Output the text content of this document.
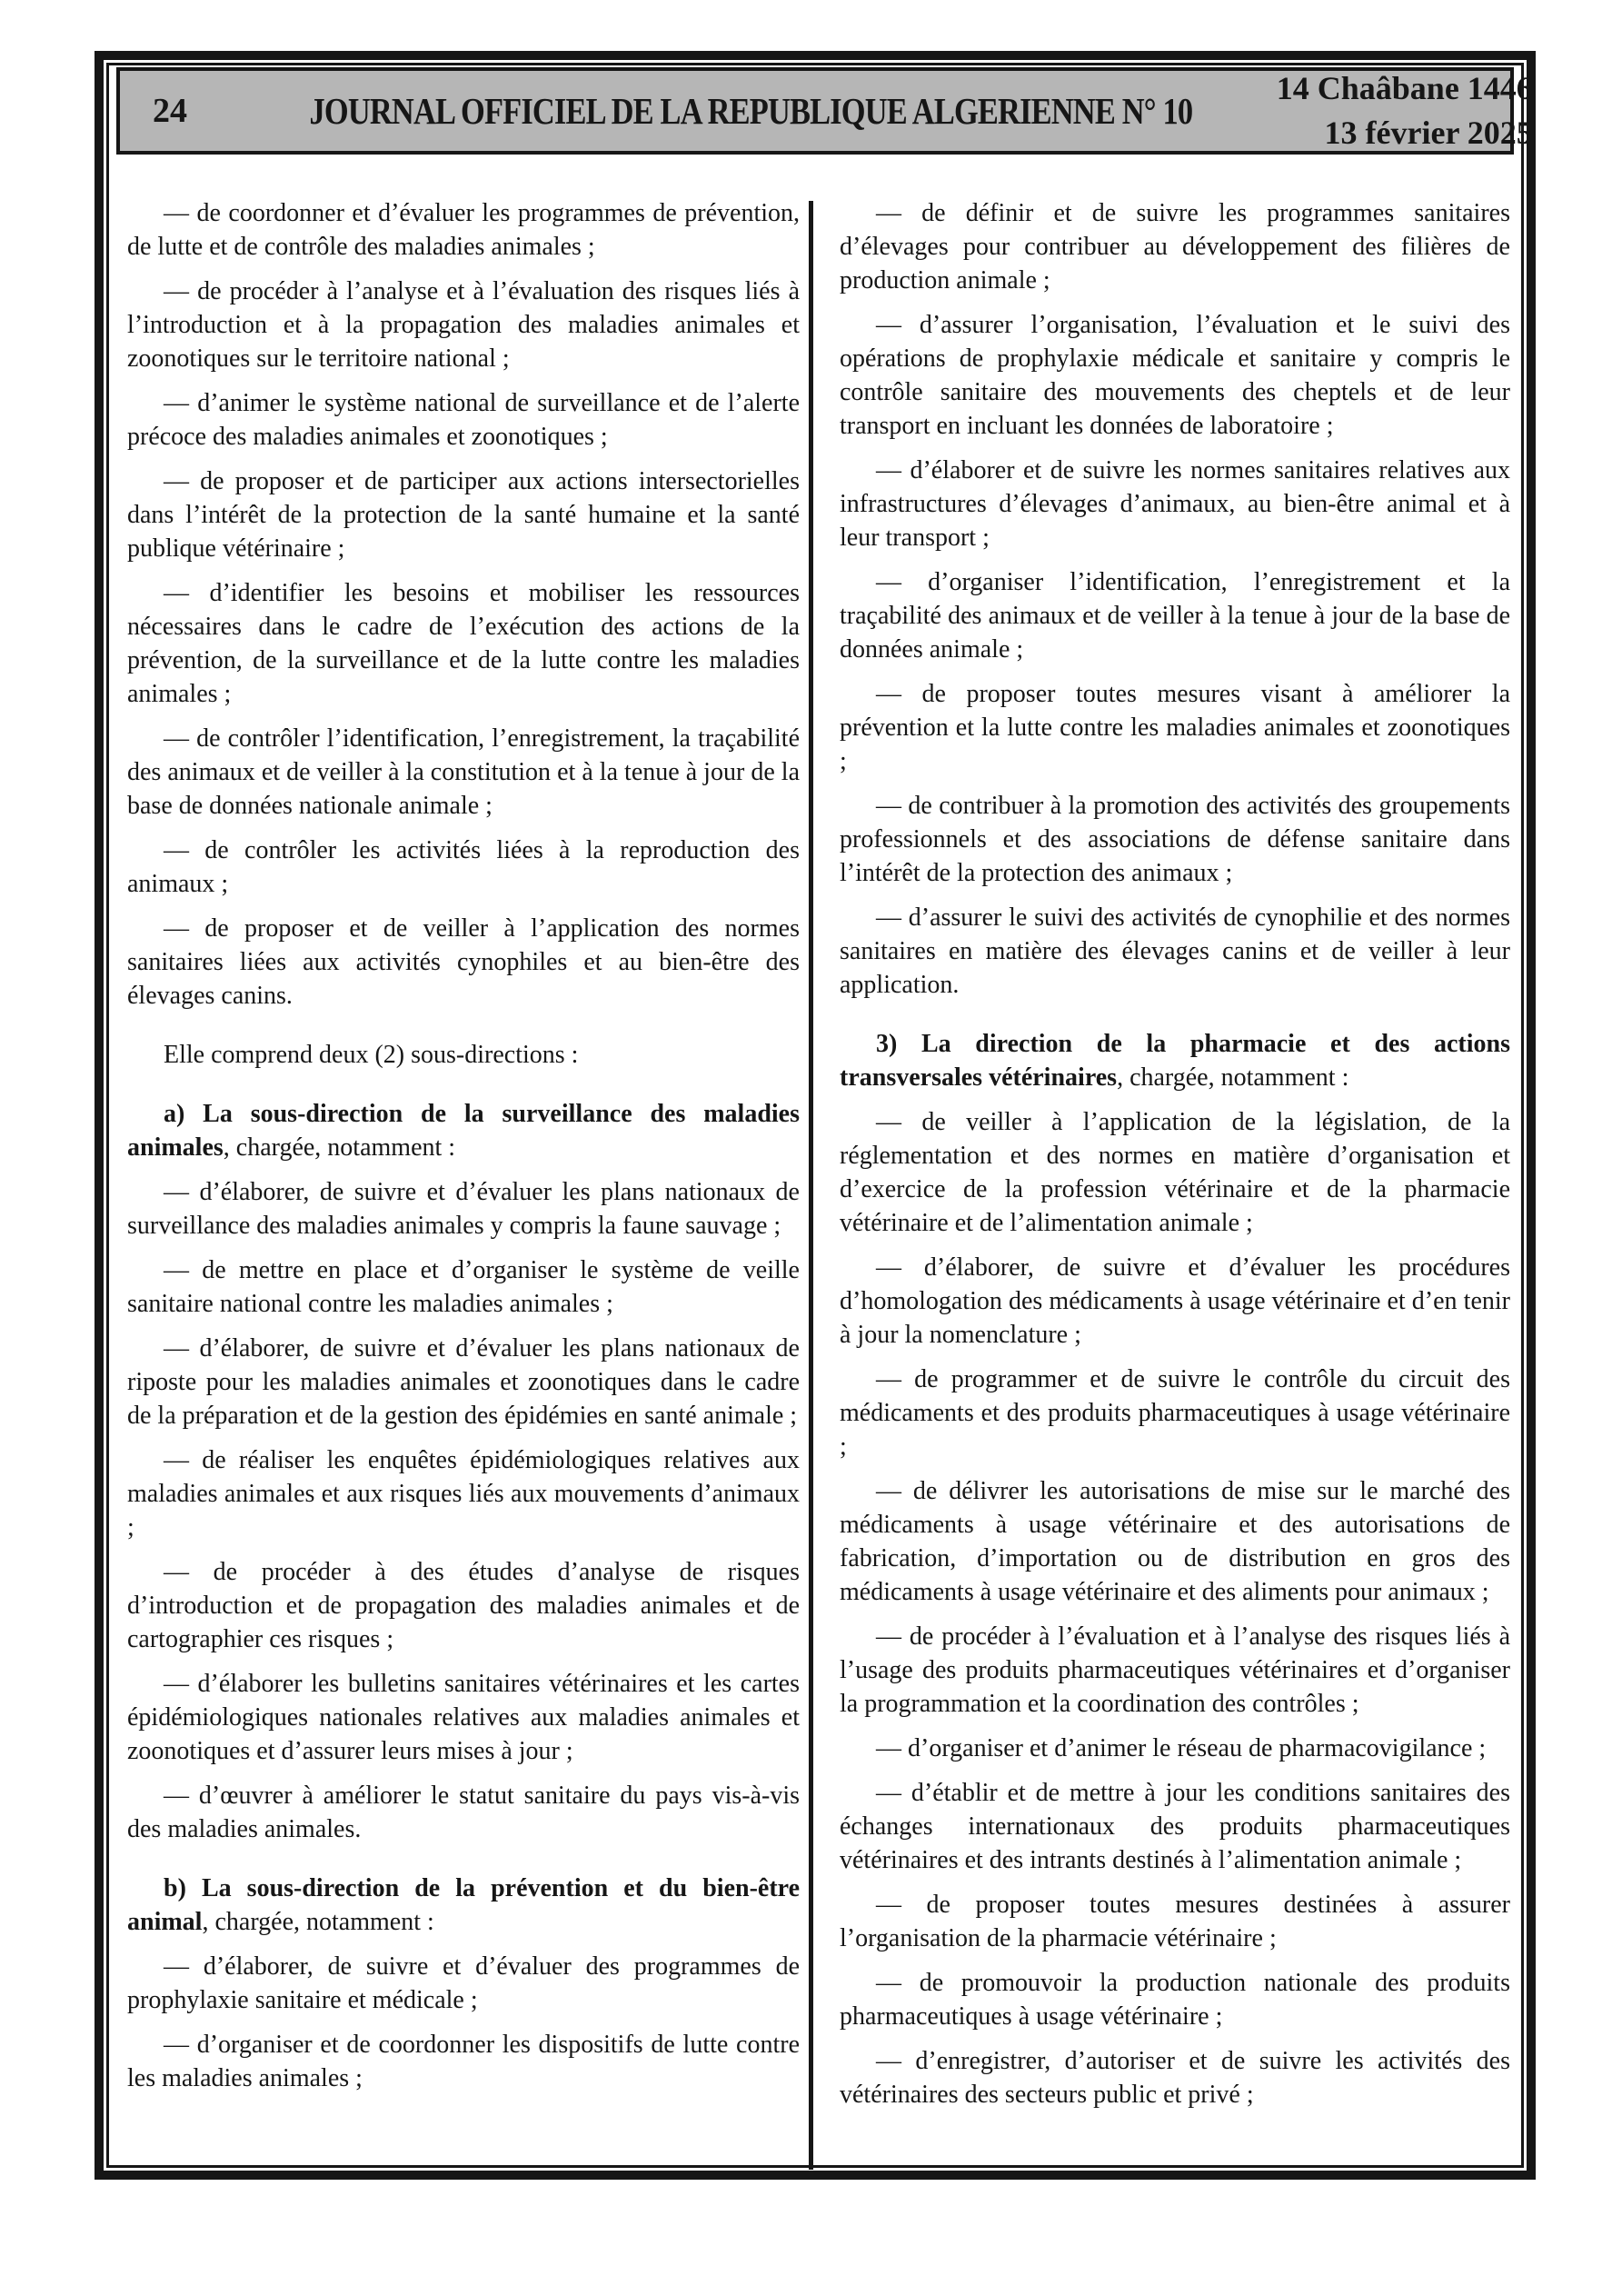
24	JOURNAL OFFICIEL DE LA REPUBLIQUE ALGERIENNE N° 10
14 Chaâbane 1446
13 février 2025

— de coordonner et d’évaluer les programmes de prévention, de lutte et de contrôle des maladies animales ;

— de procéder à l’analyse et à l’évaluation des risques liés à l’introduction et à la propagation des maladies animales et zoonotiques sur le territoire national ;

— d’animer le système national de surveillance et de l’alerte précoce des maladies animales et zoonotiques ;

— de proposer et de participer aux actions intersectorielles dans l’intérêt de la protection de la santé humaine et la santé publique vétérinaire ;

— d’identifier les besoins et mobiliser les ressources nécessaires dans le cadre de l’exécution des actions de la prévention, de la surveillance et de la lutte contre les maladies animales ;

— de contrôler l’identification, l’enregistrement, la traçabilité des animaux et de veiller à la constitution et à la tenue à jour de la base de données nationale animale ;

— de contrôler les activités liées à la reproduction des animaux ;

— de proposer et de veiller à l’application des normes sanitaires liées aux activités cynophiles et au bien-être des élevages canins.

Elle comprend deux (2) sous-directions :

a) La sous-direction de la surveillance des maladies animales, chargée, notamment :

— d’élaborer, de suivre et d’évaluer les plans nationaux de surveillance des maladies animales y compris la faune sauvage ;

— de mettre en place et d’organiser le système de veille sanitaire national contre les maladies animales ;

— d’élaborer, de suivre et d’évaluer les plans nationaux de riposte pour les maladies animales et zoonotiques dans le cadre de la préparation et de la gestion des épidémies en santé animale ;

— de réaliser les enquêtes épidémiologiques relatives aux maladies animales et aux risques liés aux mouvements d’animaux ;

— de procéder à des études d’analyse de risques d’introduction et de propagation des maladies animales et de cartographier ces risques ;

— d’élaborer les bulletins sanitaires vétérinaires et les cartes épidémiologiques nationales relatives aux maladies animales et zoonotiques et d’assurer leurs mises à jour ;

— d’œuvrer à améliorer le statut sanitaire du pays vis-à-vis des maladies animales.

b) La sous-direction de la prévention et du bien-être animal, chargée, notamment :

— d’élaborer, de suivre et d’évaluer des programmes de prophylaxie sanitaire et médicale ;

— d’organiser et de coordonner les dispositifs de lutte contre les maladies animales ;

— de définir et de suivre les programmes sanitaires d’élevages pour contribuer au développement des filières de production animale ;

— d’assurer l’organisation, l’évaluation et le suivi des opérations de prophylaxie médicale et sanitaire y compris le contrôle sanitaire des mouvements des cheptels et de leur transport en incluant les données de laboratoire ;

— d’élaborer et de suivre les normes sanitaires relatives aux infrastructures d’élevages d’animaux, au bien-être animal et à leur transport ;

— d’organiser l’identification, l’enregistrement et la traçabilité des animaux et de veiller à la tenue à jour de la base de données animale ;

— de proposer toutes mesures visant à améliorer la prévention et la lutte contre les maladies animales et zoonotiques ;

— de contribuer à la promotion des activités des groupements professionnels et des associations de défense sanitaire dans l’intérêt de la protection des animaux ;

— d’assurer le suivi des activités de cynophilie et des normes sanitaires en matière des élevages canins et de veiller à leur application.

3) La direction de la pharmacie et des actions transversales vétérinaires, chargée, notamment :

— de veiller à l’application de la législation, de la réglementation et des normes en matière d’organisation et d’exercice de la profession vétérinaire et de la pharmacie vétérinaire et de l’alimentation animale ;

— d’élaborer, de suivre et d’évaluer les procédures d’homologation des médicaments à usage vétérinaire et d’en tenir à jour la nomenclature ;

— de programmer et de suivre le contrôle du circuit des médicaments et des produits pharmaceutiques à usage vétérinaire ;

— de délivrer les autorisations de mise sur le marché des médicaments à usage vétérinaire et des autorisations de fabrication, d’importation ou de distribution en gros des médicaments à usage vétérinaire et des aliments pour animaux ;

— de procéder à l’évaluation et à l’analyse des risques liés à l’usage des produits pharmaceutiques vétérinaires et d’organiser la programmation et la coordination des contrôles ;

— d’organiser et d’animer le réseau de pharmacovigilance ;

— d’établir et de mettre à jour les conditions sanitaires des échanges internationaux des produits pharmaceutiques vétérinaires et des intrants destinés à l’alimentation animale ;

— de proposer toutes mesures destinées à assurer l’organisation de la pharmacie vétérinaire ;

— de promouvoir la production nationale des produits pharmaceutiques à usage vétérinaire ;

— d’enregistrer, d’autoriser et de suivre les activités des vétérinaires des secteurs public et privé ;
